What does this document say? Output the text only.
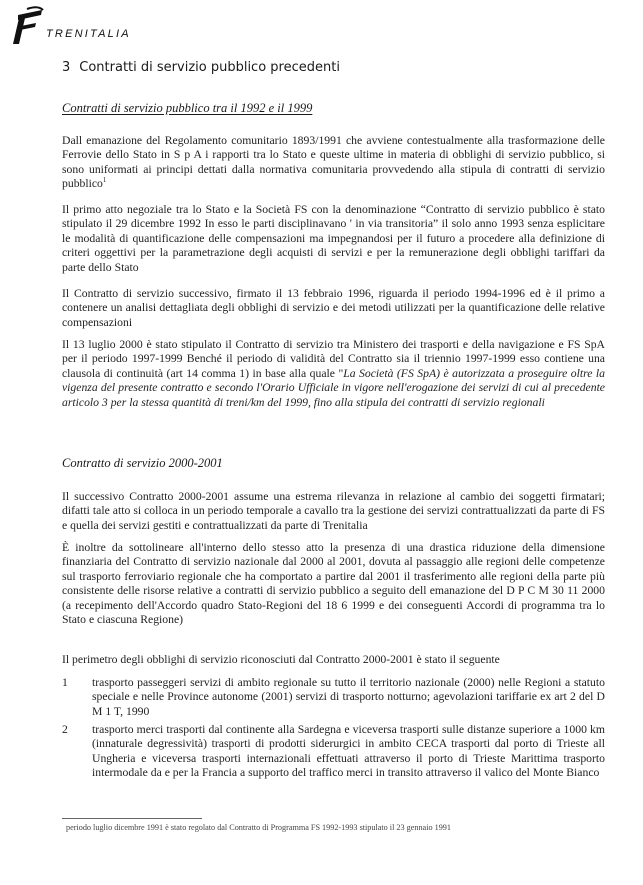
TRENITALIA
3 Contratti di servizio pubblico precedenti
Contratti di servizio pubblico tra il 1992 e il 1999

Dall emanazione del Regolamento comunitario 1893/1991 che avviene contestualmente alla trasformazione delle Ferrovie dello Stato in S p A i rapporti tra lo Stato e queste ultime in materia di obblighi di servizio pubblico, si sono uniformati ai principi dettati dalla normativa comunitaria provvedendo alla stipula di contratti di servizio pubblico$^1$

Il primo atto negoziale tra lo Stato e la Società FS con la denominazione “Contratto di servizio pubblico è stato stipulato il 29 dicembre 1992 In esso le parti disciplinavano ' in via transitoria” il solo anno 1993 senza esplicitare le modalità di quantificazione delle compensazioni ma impegnandosi per il futuro a procedere alla definizione di criteri oggettivi per la parametrazione degli acquisti di servizi e per la remunerazione degli obblighi tariffari da parte dello Stato

Il Contratto di servizio successivo, firmato il 13 febbraio 1996, riguarda il periodo 1994-1996 ed è il primo a contenere un analisi dettagliata degli obblighi di servizio e dei metodi utilizzati per la quantificazione delle relative compensazioni

Il 13 luglio 2000 è stato stipulato il Contratto di servizio tra Ministero dei trasporti e della navigazione e FS SpA per il periodo 1997-1999 Benché il periodo di validità del Contratto sia il triennio 1997-1999 esso contiene una clausola di continuità (art 14 comma 1) in base alla quale "La Società (FS SpA) è autorizzata a proseguire oltre la vigenza del presente contratto e secondo l'Orario Ufficiale in vigore nell'erogazione dei servizi di cui al precedente articolo 3 per la stessa quantità di treni/km del 1999, fino alla stipula dei contratti di servizio regionali

Contratto di servizio 2000-2001

Il successivo Contratto 2000-2001 assume una estrema rilevanza in relazione al cambio dei soggetti firmatari; difatti tale atto si colloca in un periodo temporale a cavallo tra la gestione dei servizi contrattualizzati da parte di FS e quella dei servizi gestiti e contrattualizzati da parte di Trenitalia

È inoltre da sottolineare all'interno dello stesso atto la presenza di una drastica riduzione della dimensione finanziaria del Contratto di servizio nazionale dal 2000 al 2001, dovuta al passaggio alle regioni delle competenze sul trasporto ferroviario regionale che ha comportato a partire dal 2001 il trasferimento alle regioni della parte più consistente delle risorse relative a contratti di servizio pubblico a seguito dell emanazione del D P C M 30 11 2000 (a recepimento dell'Accordo quadro Stato-Regioni del 18 6 1999 e dei conseguenti Accordi di programma tra lo Stato e ciascuna Regione)

Il perimetro degli obblighi di servizio riconosciuti dal Contratto 2000-2001 è stato il seguente

1 trasporto passeggeri servizi di ambito regionale su tutto il territorio nazionale (2000) nelle Regioni a statuto speciale e nelle Province autonome (2001) servizi di trasporto notturno; agevolazioni tariffarie ex art 2 del D M 1 T, 1990
2 trasporto merci trasporti dal continente alla Sardegna e viceversa trasporti sulle distanze superiore a 1000 km (innaturale degressività) trasporti di prodotti siderurgici in ambito CECA trasporti dal porto di Trieste all Ungheria e viceversa trasporti internazionali effettuati attraverso il porto di Trieste Marittima trasporto intermodale da e per la Francia a supporto del traffico merci in transito attraverso il valico del Monte Bianco
periodo luglio dicembre 1991 è stato regolato dal Contratto di Programma FS 1992-1993 stipulato il 23 gennaio 1991
